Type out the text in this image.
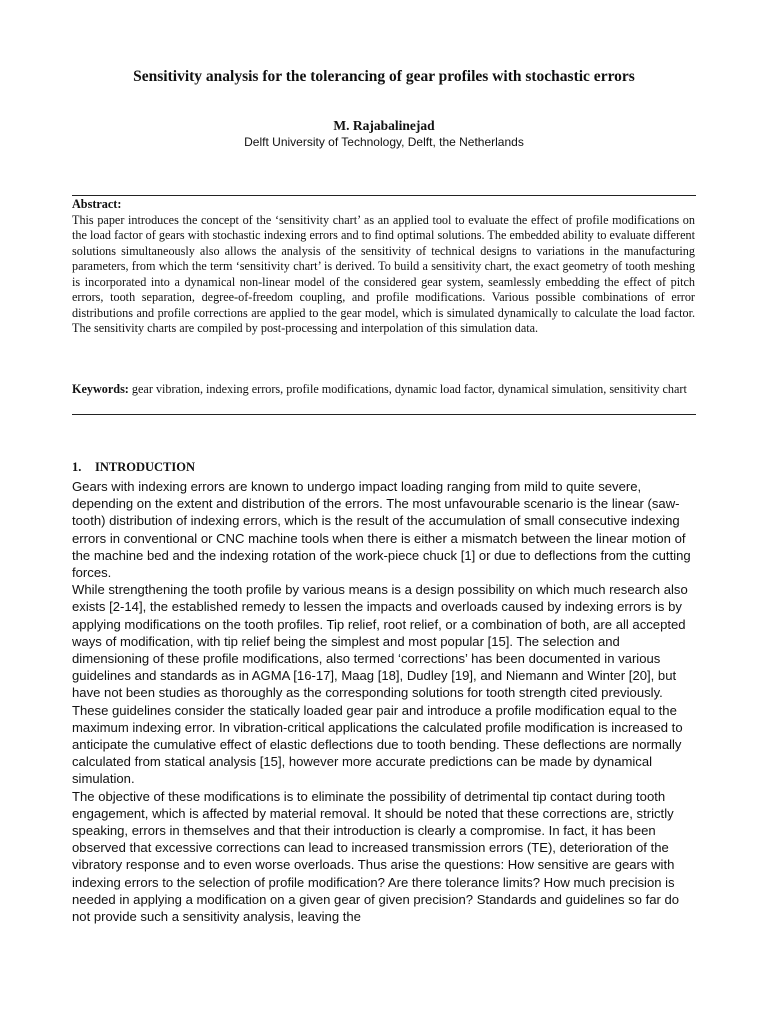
Sensitivity analysis for the tolerancing of gear profiles with stochastic errors
M. Rajabalinejad
Delft University of Technology, Delft, the Netherlands
Abstract:
This paper introduces the concept of the ‘sensitivity chart’ as an applied tool to evaluate the effect of profile modifications on the load factor of gears with stochastic indexing errors and to find optimal solutions. The embedded ability to evaluate different solutions simultaneously also allows the analysis of the sensitivity of technical designs to variations in the manufacturing parameters, from which the term ‘sensitivity chart’ is derived. To build a sensitivity chart, the exact geometry of tooth meshing is incorporated into a dynamical non-linear model of the considered gear system, seamlessly embedding the effect of pitch errors, tooth separation, degree-of-freedom coupling, and profile modifications. Various possible combinations of error distributions and profile corrections are applied to the gear model, which is simulated dynamically to calculate the load factor. The sensitivity charts are compiled by post-processing and interpolation of this simulation data.
Keywords: gear vibration, indexing errors, profile modifications, dynamic load factor, dynamical simulation, sensitivity chart
1. INTRODUCTION

Gears with indexing errors are known to undergo impact loading ranging from mild to quite severe, depending on the extent and distribution of the errors. The most unfavourable scenario is the linear (saw-tooth) distribution of indexing errors, which is the result of the accumulation of small consecutive indexing errors in conventional or CNC machine tools when there is either a mismatch between the linear motion of the machine bed and the indexing rotation of the work-piece chuck [1] or due to deflections from the cutting forces.

While strengthening the tooth profile by various means is a design possibility on which much research also exists [2-14], the established remedy to lessen the impacts and overloads caused by indexing errors is by applying modifications on the tooth profiles. Tip relief, root relief, or a combination of both, are all accepted ways of modification, with tip relief being the simplest and most popular [15]. The selection and dimensioning of these profile modifications, also termed ‘corrections’ has been documented in various guidelines and standards as in AGMA [16-17], Maag [18], Dudley [19], and Niemann and Winter [20], but have not been studies as thoroughly as the corresponding solutions for tooth strength cited previously. These guidelines consider the statically loaded gear pair and introduce a profile modification equal to the maximum indexing error. In vibration-critical applications the calculated profile modification is increased to anticipate the cumulative effect of elastic deflections due to tooth bending. These deflections are normally calculated from statical analysis [15], however more accurate predictions can be made by dynamical simulation.

The objective of these modifications is to eliminate the possibility of detrimental tip contact during tooth engagement, which is affected by material removal. It should be noted that these corrections are, strictly speaking, errors in themselves and that their introduction is clearly a compromise. In fact, it has been observed that excessive corrections can lead to increased transmission errors (TE), deterioration of the vibratory response and to even worse overloads. Thus arise the questions: How sensitive are gears with indexing errors to the selection of profile modification? Are there tolerance limits? How much precision is needed in applying a modification on a given gear of given precision? Standards and guidelines so far do not provide such a sensitivity analysis, leaving the
